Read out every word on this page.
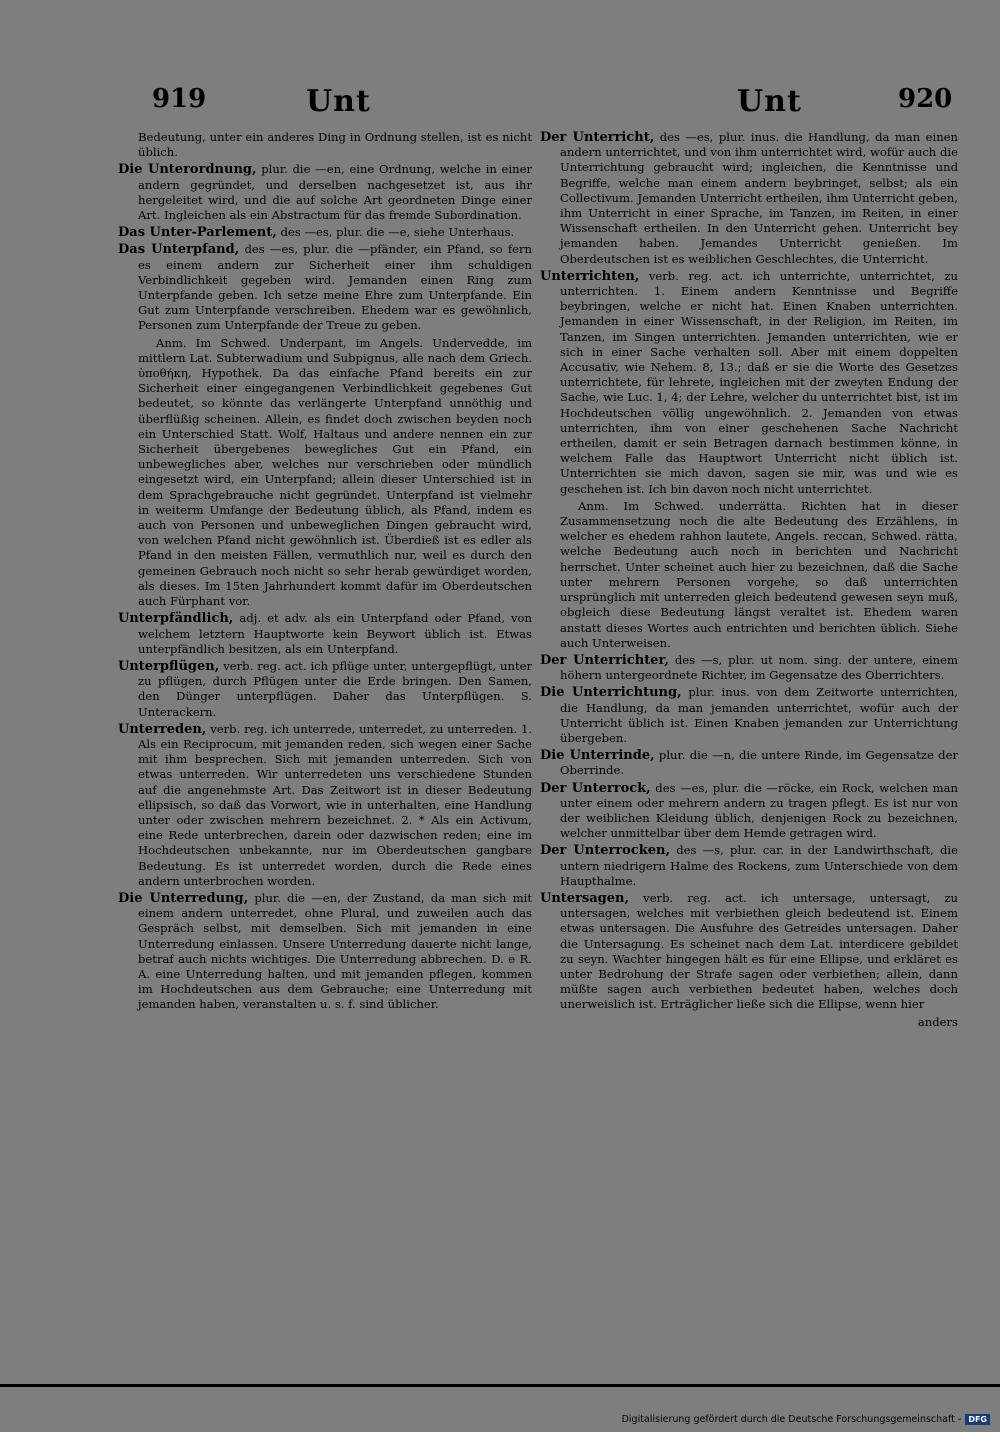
919	Unt	Unt	920

Bedeutung, unter ein anderes Ding in Ordnung stellen, ist es nicht üblich.

Die Unterordnung, plur. die —en, eine Ordnung, welche in einer andern gegründet, und derselben nachgesetzet ist, aus ihr hergeleitet wird, und die auf solche Art geordneten Dinge einer Art. Ingleichen als ein Abstractum für das fremde Subordination.

Das Unter-Parlement, des —es, plur. die —e, siehe Unterhaus.

Das Unterpfand, des —es, plur. die —pfänder, ein Pfand, so fern es einem andern zur Sicherheit einer ihm schuldigen Verbindlichkeit gegeben wird. Jemanden einen Ring zum Unterpfande geben. Ich setze meine Ehre zum Unterpfande. Ein Gut zum Unterpfande verschreiben. Ehedem war es gewöhnlich, Personen zum Unterpfande der Treue zu geben.

Anm. Im Schwed. Underpant, im Angels. Undervedde, im mittlern Lat. Subterwadium und Subpignus, alle nach dem Griech. ὑποθήκη, Hypothek. Da das einfache Pfand bereits ein zur Sicherheit einer eingegangenen Verbindlichkeit gegebenes Gut bedeutet, so könnte das verlängerte Unterpfand unnöthig und überflüßig scheinen. Allein, es findet doch zwischen beyden noch ein Unterschied Statt. Wolf, Haltaus und andere nennen ein zur Sicherheit übergebenes bewegliches Gut ein Pfand, ein unbewegliches aber, welches nur verschrieben oder mündlich eingesetzt wird, ein Unterpfand; allein dieser Unterschied ist in dem Sprachgebrauche nicht gegründet. Unterpfand ist vielmehr in weiterm Umfange der Bedeutung üblich, als Pfand, indem es auch von Personen und unbeweglichen Dingen gebraucht wird, von welchen Pfand nicht gewöhnlich ist. Überdieß ist es edler als Pfand in den meisten Fällen, vermuthlich nur, weil es durch den gemeinen Gebrauch noch nicht so sehr herab gewürdiget worden, als dieses. Im 15ten Jahrhundert kommt dafür im Oberdeutschen auch Fürphant vor.

Unterpfändlich, adj. et adv. als ein Unterpfand oder Pfand, von welchem letztern Hauptworte kein Beywort üblich ist. Etwas unterpfändlich besitzen, als ein Unterpfand.

Unterpflügen, verb. reg. act. ich pflüge unter, untergepflügt, unter zu pflügen, durch Pflügen unter die Erde bringen. Den Samen, den Dünger unterpflügen. Daher das Unterpflügen. S. Unterackern.

Unterreden, verb. reg. ich unterrede, unterredet, zu unterreden. 1. Als ein Reciprocum, mit jemanden reden, sich wegen einer Sache mit ihm besprechen. Sich mit jemanden unterreden. Sich von etwas unterreden. Wir unterredeten uns verschiedene Stunden auf die angenehmste Art. Das Zeitwort ist in dieser Bedeutung ellipsisch, so daß das Vorwort, wie in unterhalten, eine Handlung unter oder zwischen mehrern bezeichnet. 2. * Als ein Activum, eine Rede unterbrechen, darein oder dazwischen reden; eine im Hochdeutschen unbekannte, nur im Oberdeutschen gangbare Bedeutung. Es ist unterredet worden, durch die Rede eines andern unterbrochen worden.

Die Unterredung, plur. die —en, der Zustand, da man sich mit einem andern unterredet, ohne Plural, und zuweilen auch das Gespräch selbst, mit demselben. Sich mit jemanden in eine Unterredung einlassen. Unsere Unterredung dauerte nicht lange, betraf auch nichts wichtiges. Die Unterredung abbrechen. D. e R. A. eine Unterredung halten, und mit jemanden pflegen, kommen im Hochdeutschen aus dem Gebrauche; eine Unterredung mit jemanden haben, veranstalten u. s. f. sind üblicher.

Der Unterricht, des —es, plur. inus. die Handlung, da man einen andern unterrichtet, und von ihm unterrichtet wird, wofür auch die Unterrichtung gebraucht wird; ingleichen, die Kenntnisse und Begriffe, welche man einem andern beybringet, selbst; als ein Collectivum. Jemanden Unterricht ertheilen, ihm Unterricht geben, ihm Unterricht in einer Sprache, im Tanzen, im Reiten, in einer Wissenschaft ertheilen. In den Unterricht gehen. Unterricht bey jemanden haben. Jemandes Unterricht genießen. Im Oberdeutschen ist es weiblichen Geschlechtes, die Unterricht.

Unterrichten, verb. reg. act. ich unterrichte, unterrichtet, zu unterrichten. 1. Einem andern Kenntnisse und Begriffe beybringen, welche er nicht hat. Einen Knaben unterrichten. Jemanden in einer Wissenschaft, in der Religion, im Reiten, im Tanzen, im Singen unterrichten. Jemanden unterrichten, wie er sich in einer Sache verhalten soll. Aber mit einem doppelten Accusativ, wie Nehem. 8, 13.; daß er sie die Worte des Gesetzes unterrichtete, für lehrete, ingleichen mit der zweyten Endung der Sache, wie Luc. 1, 4; der Lehre, welcher du unterrichtet bist, ist im Hochdeutschen völlig ungewöhnlich. 2. Jemanden von etwas unterrichten, ihm von einer geschehenen Sache Nachricht ertheilen, damit er sein Betragen darnach bestimmen könne, in welchem Falle das Hauptwort Unterricht nicht üblich ist. Unterrichten sie mich davon, sagen sie mir, was und wie es geschehen ist. Ich bin davon noch nicht unterrichtet.

Anm. Im Schwed. underrätta. Richten hat in dieser Zusammensetzung noch die alte Bedeutung des Erzählens, in welcher es ehedem rahhon lautete, Angels. reccan, Schwed. rätta, welche Bedeutung auch noch in berichten und Nachricht herrschet. Unter scheinet auch hier zu bezeichnen, daß die Sache unter mehrern Personen vorgehe, so daß unterrichten ursprünglich mit unterreden gleich bedeutend gewesen seyn muß, obgleich diese Bedeutung längst veraltet ist. Ehedem waren anstatt dieses Wortes auch entrichten und berichten üblich. Siehe auch Unterweisen.

Der Unterrichter, des —s, plur. ut nom. sing. der untere, einem höhern untergeordnete Richter, im Gegensatze des Oberrichters.

Die Unterrichtung, plur. inus. von dem Zeitworte unterrichten, die Handlung, da man jemanden unterrichtet, wofür auch der Unterricht üblich ist. Einen Knaben jemanden zur Unterrichtung übergeben.

Die Unterrinde, plur. die —n, die untere Rinde, im Gegensatze der Oberrinde.

Der Unterrock, des —es, plur. die —röcke, ein Rock, welchen man unter einem oder mehrern andern zu tragen pflegt. Es ist nur von der weiblichen Kleidung üblich, denjenigen Rock zu bezeichnen, welcher unmittelbar über dem Hemde getragen wird.

Der Unterrocken, des —s, plur. car. in der Landwirthschaft, die untern niedrigern Halme des Rockens, zum Unterschiede von dem Haupthalme.

Untersagen, verb. reg. act. ich untersage, untersagt, zu untersagen, welches mit verbiethen gleich bedeutend ist. Einem etwas untersagen. Die Ausfuhre des Getreides untersagen. Daher die Untersagung. Es scheinet nach dem Lat. interdicere gebildet zu seyn. Wachter hingegen hält es für eine Ellipse, und erkläret es unter Bedrohung der Strafe sagen oder verbiethen; allein, dann müßte sagen auch verbiethen bedeutet haben, welches doch unerweislich ist. Erträglicher ließe sich die Ellipse, wenn hier

anders

Digitalisierung gefördert durch die Deutsche Forschungsgemeinschaft - DFG
